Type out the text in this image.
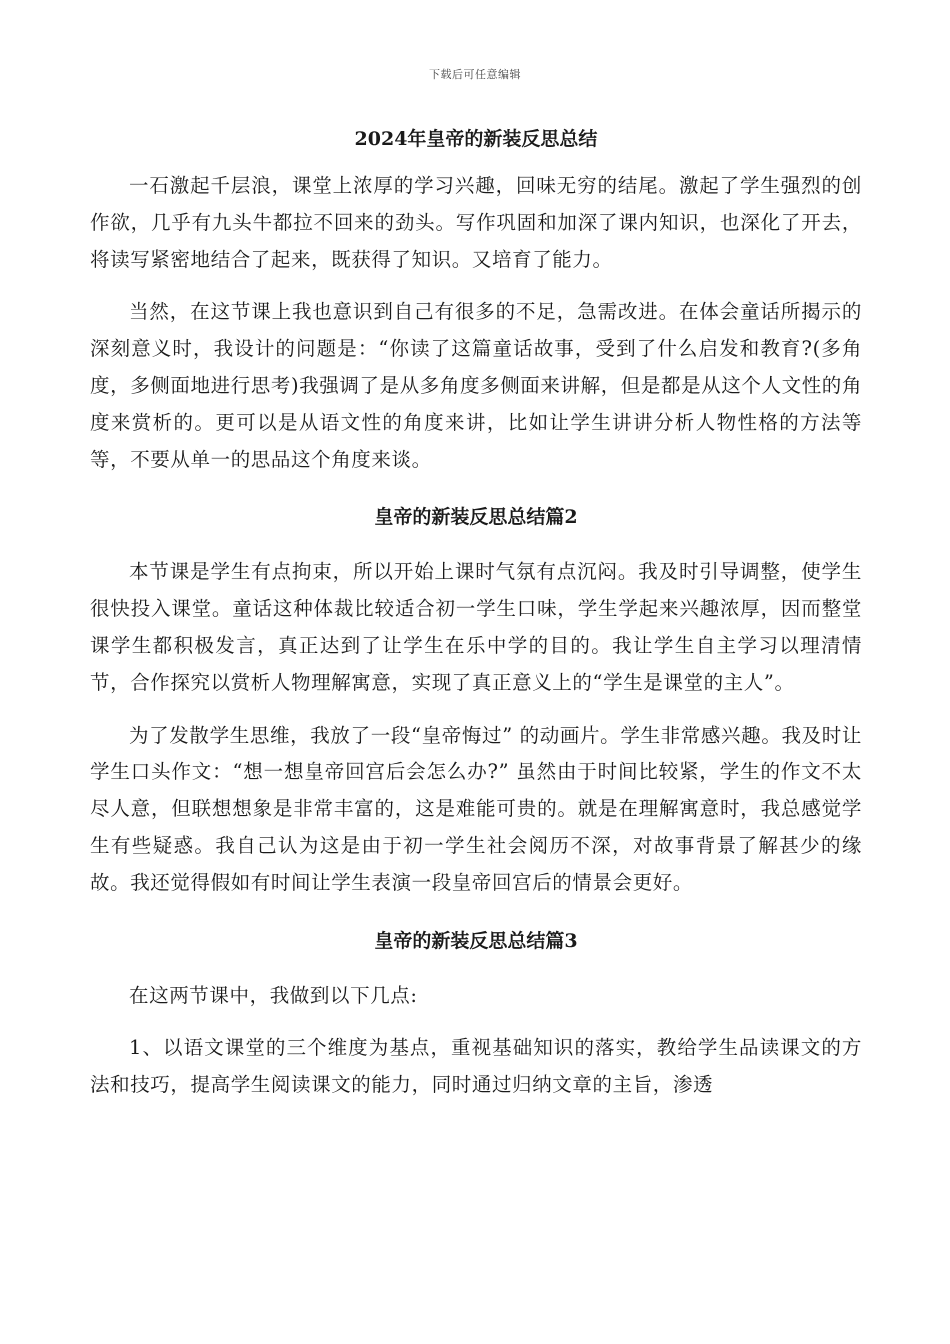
下载后可任意编辑
2024年皇帝的新装反思总结

一石激起千层浪，课堂上浓厚的学习兴趣，回味无穷的结尾。激起了学生强烈的创作欲，几乎有九头牛都拉不回来的劲头。写作巩固和加深了课内知识，也深化了开去，将读写紧密地结合了起来，既获得了知识。又培育了能力。

当然，在这节课上我也意识到自己有很多的不足，急需改进。在体会童话所揭示的深刻意义时，我设计的问题是：“你读了这篇童话故事，受到了什么启发和教育?(多角度，多侧面地进行思考)我强调了是从多角度多侧面来讲解，但是都是从这个人文性的角度来赏析的。更可以是从语文性的角度来讲，比如让学生讲讲分析人物性格的方法等等，不要从单一的思品这个角度来谈。

皇帝的新装反思总结篇2

本节课是学生有点拘束，所以开始上课时气氛有点沉闷。我及时引导调整，使学生很快投入课堂。童话这种体裁比较适合初一学生口味，学生学起来兴趣浓厚，因而整堂课学生都积极发言，真正达到了让学生在乐中学的目的。我让学生自主学习以理清情节，合作探究以赏析人物理解寓意，实现了真正意义上的“学生是课堂的主人”。

为了发散学生思维，我放了一段“皇帝悔过” 的动画片。学生非常感兴趣。我及时让学生口头作文：“想一想皇帝回宫后会怎么办?” 虽然由于时间比较紧，学生的作文不太尽人意，但联想想象是非常丰富的，这是难能可贵的。就是在理解寓意时，我总感觉学生有些疑惑。我自己认为这是由于初一学生社会阅历不深，对故事背景了解甚少的缘故。我还觉得假如有时间让学生表演一段皇帝回宫后的情景会更好。

皇帝的新装反思总结篇3

在这两节课中，我做到以下几点:

1、以语文课堂的三个维度为基点，重视基础知识的落实，教给学生品读课文的方法和技巧，提高学生阅读课文的能力，同时通过归纳文章的主旨，渗透
